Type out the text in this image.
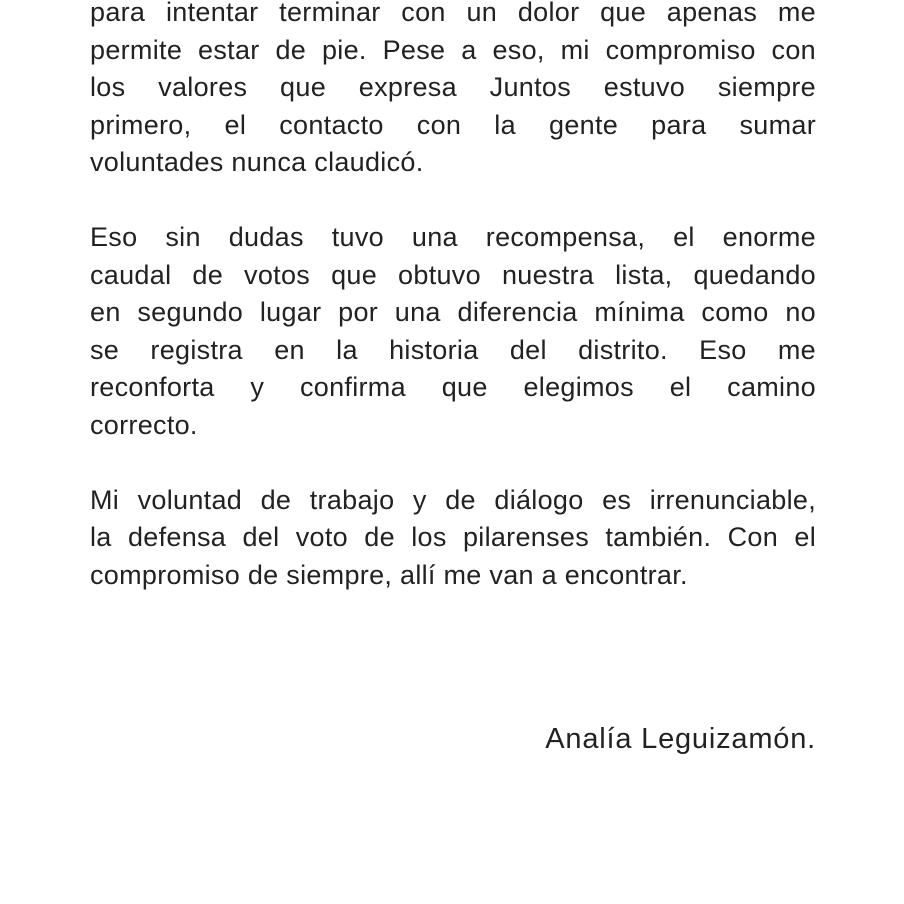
para intentar terminar con un dolor que apenas me
permite estar de pie. Pese a eso, mi compromiso con
los valores que expresa Juntos estuvo siempre
primero, el contacto con la gente para sumar
voluntades nunca claudicó.
Eso sin dudas tuvo una recompensa, el enorme
caudal de votos que obtuvo nuestra lista, quedando
en segundo lugar por una diferencia mínima como no
se registra en la historia del distrito. Eso me
reconforta y confirma que elegimos el camino
correcto.
Mi voluntad de trabajo y de diálogo es irrenunciable,
la defensa del voto de los pilarenses también. Con el
compromiso de siempre, allí me van a encontrar.
Analía Leguizamón.
